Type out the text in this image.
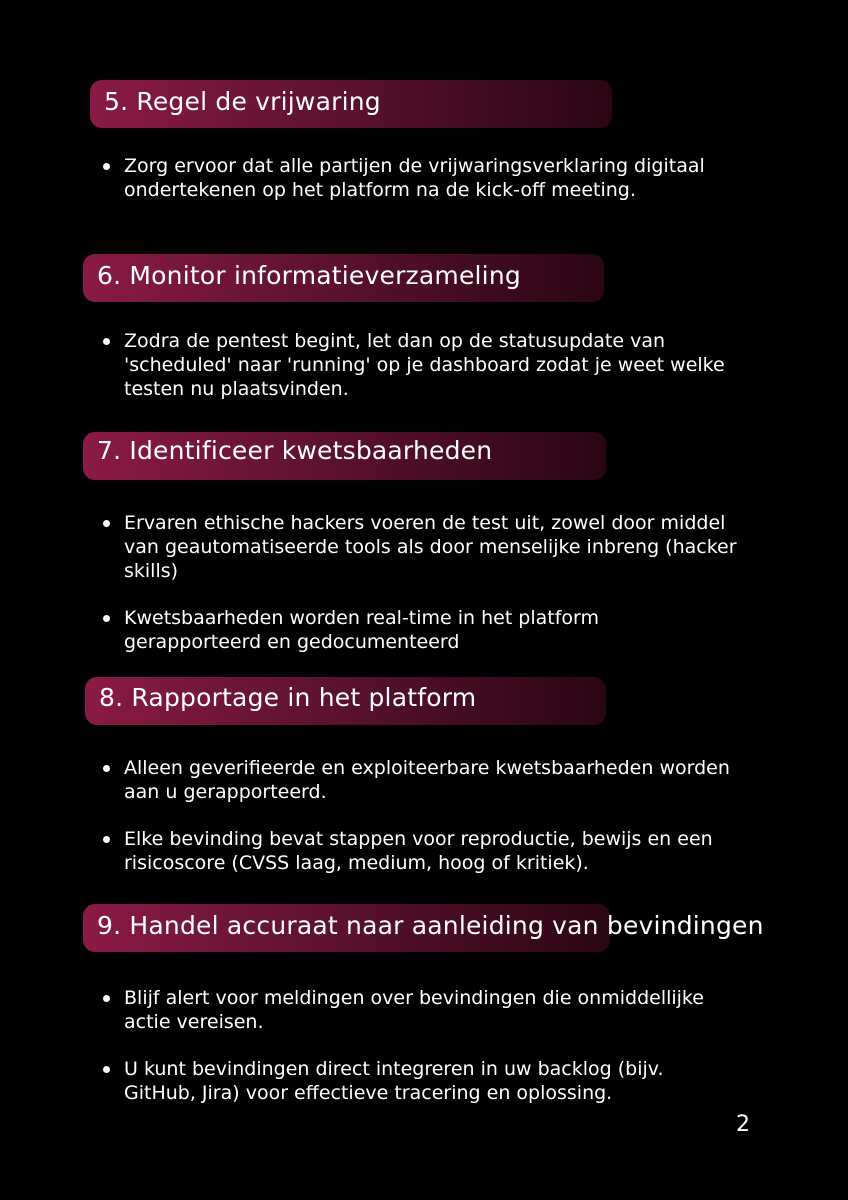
5. Regel de vrijwaring
Zorg ervoor dat alle partijen de vrijwaringsverklaring digitaal ondertekenen op het platform na de kick-off meeting.
6. Monitor informatieverzameling
Zodra de pentest begint, let dan op de statusupdate van 'scheduled' naar 'running' op je dashboard zodat je weet welke testen nu plaatsvinden.
7. Identificeer kwetsbaarheden
Ervaren ethische hackers voeren de test uit, zowel door middel van geautomatiseerde tools als door menselijke inbreng (hacker skills)
Kwetsbaarheden worden real-time in het platform gerapporteerd en gedocumenteerd
8. Rapportage in het platform
Alleen geverifieerde en exploiteerbare kwetsbaarheden worden aan u gerapporteerd.
Elke bevinding bevat stappen voor reproductie, bewijs en een risicoscore (CVSS laag, medium, hoog of kritiek).
9. Handel accuraat naar aanleiding van bevindingen
Blijf alert voor meldingen over bevindingen die onmiddellijke actie vereisen.
U kunt bevindingen direct integreren in uw backlog (bijv. GitHub, Jira) voor effectieve tracering en oplossing.
2
